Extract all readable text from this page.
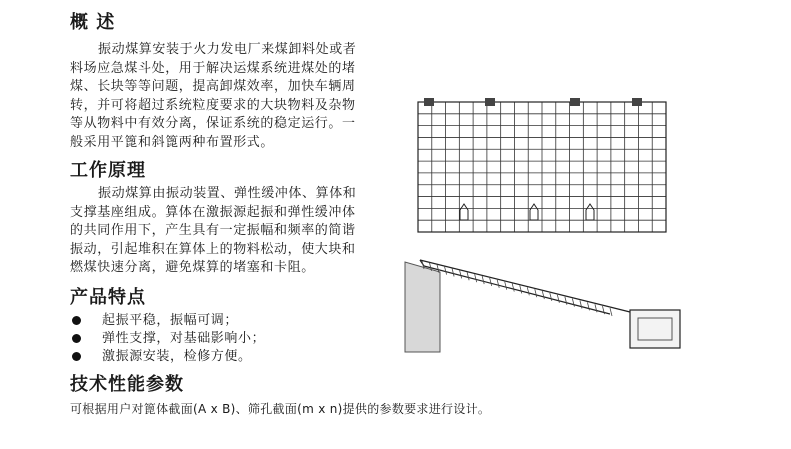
概 述
振动煤算安装于火力发电厂来煤卸料处或者
料场应急煤斗处，用于解决运煤系统进煤处的堵
煤、长块等等问题，提高卸煤效率，加快车辆周
转，并可将超过系统粒度要求的大块物料及杂物
等从物料中有效分离，保证系统的稳定运行。一
般采用平篦和斜篦两种布置形式。
工作原理
振动煤算由振动装置、弹性缓冲体、算体和
支撑基座组成。算体在激振源起振和弹性缓冲体
的共同作用下，产生具有一定振幅和频率的简谐
振动，引起堆积在算体上的物料松动，使大块和
燃煤快速分离，避免煤算的堵塞和卡阻。
产品特点
起振平稳，振幅可调；
弹性支撑，对基础影响小；
激振源安装，检修方便。
技术性能参数
可根据用户对篦体截面(A x B)、筛孔截面(m x n)提供的参数要求进行设计。
